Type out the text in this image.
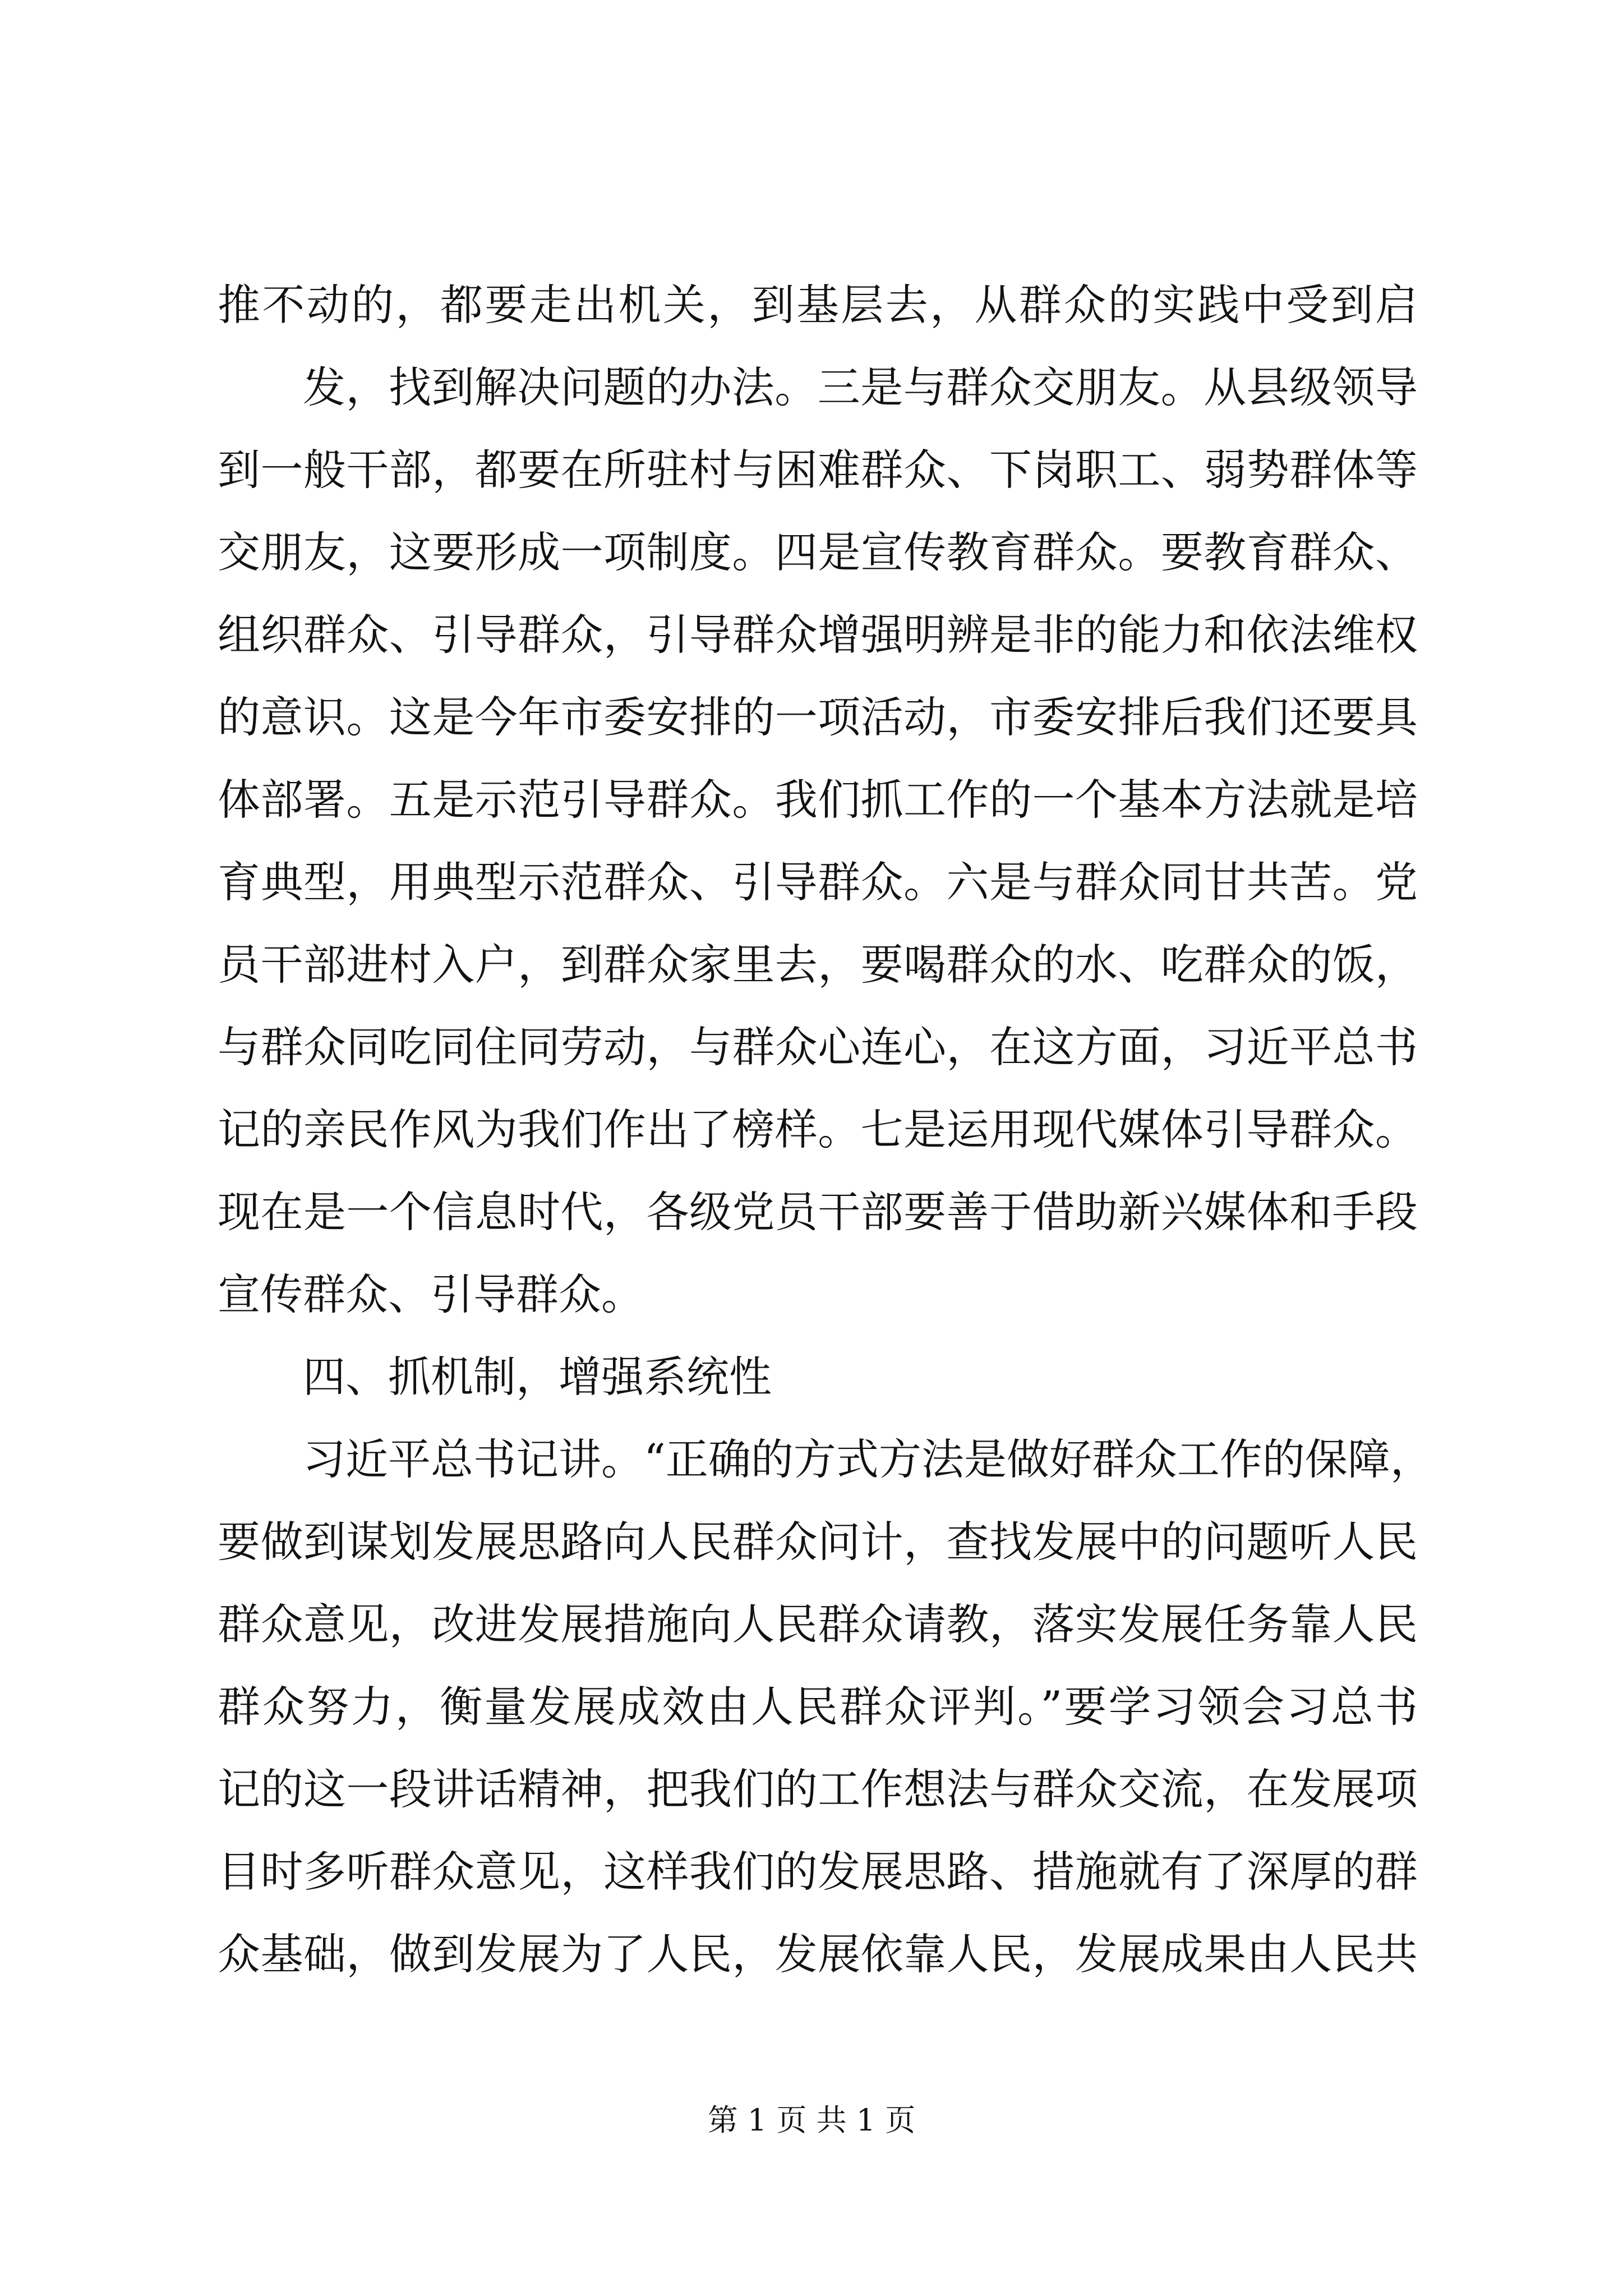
推不动的，都要走出机关，到基层去，从群众的实践中受到启
发，找到解决问题的办法。三是与群众交朋友。从县级领导
到一般干部，都要在所驻村与困难群众、下岗职工、弱势群体等
交朋友，这要形成一项制度。四是宣传教育群众。要教育群众、
组织群众、引导群众，引导群众增强明辨是非的能力和依法维权
的意识。这是今年市委安排的一项活动，市委安排后我们还要具
体部署。五是示范引导群众。我们抓工作的一个基本方法就是培
育典型，用典型示范群众、引导群众。六是与群众同甘共苦。党
员干部进村入户，到群众家里去，要喝群众的水、吃群众的饭，
与群众同吃同住同劳动，与群众心连心，在这方面，习近平总书
记的亲民作风为我们作出了榜样。七是运用现代媒体引导群众。
现在是一个信息时代，各级党员干部要善于借助新兴媒体和手段
宣传群众、引导群众。
四、抓机制，增强系统性
习近平总书记讲。“正确的方式方法是做好群众工作的保障，
要做到谋划发展思路向人民群众问计，查找发展中的问题听人民
群众意见，改进发展措施向人民群众请教，落实发展任务靠人民
群众努力，衡量发展成效由人民群众评判。”要学习领会习总书
记的这一段讲话精神，把我们的工作想法与群众交流，在发展项
目时多听群众意见，这样我们的发展思路、措施就有了深厚的群
众基础，做到发展为了人民，发展依靠人民，发展成果由人民共
第 1 页 共 1 页
